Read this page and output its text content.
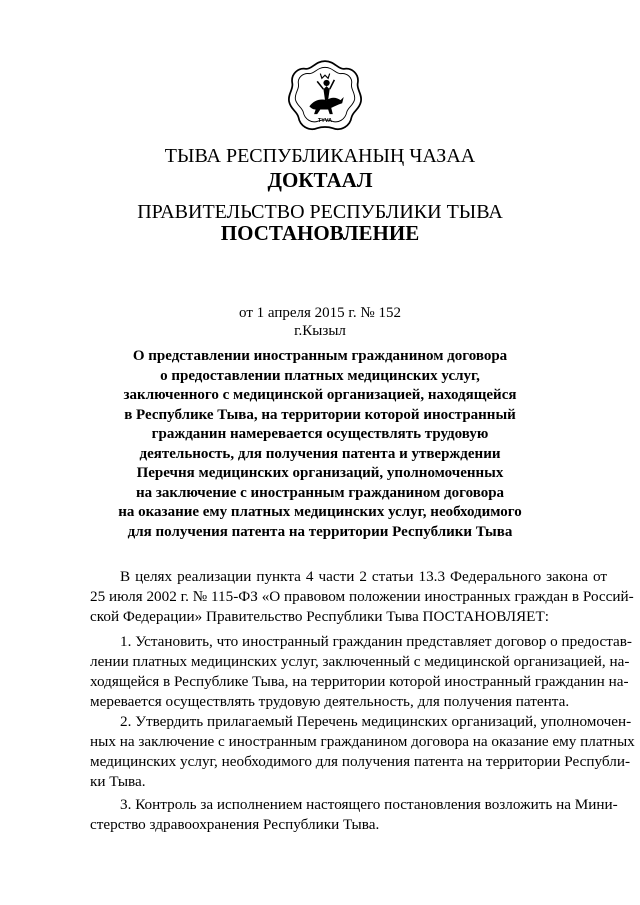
TYVA
ТЫВА РЕСПУБЛИКАНЫҢ ЧАЗАА
ДОКТААЛ
ПРАВИТЕЛЬСТВО РЕСПУБЛИКИ ТЫВА
ПОСТАНОВЛЕНИЕ
от 1 апреля 2015 г. № 152
г.Кызыл
О представлении иностранным гражданином договора
о предоставлении платных медицинских услуг,
заключенного с медицинской организацией, находящейся
в Республике Тыва, на территории которой иностранный
гражданин намеревается осуществлять трудовую
деятельность, для получения патента и утверждении
Перечня медицинских организаций, уполномоченных
на заключение с иностранным гражданином договора
на оказание ему платных медицинских услуг, необходимого
для получения патента на территории Республики Тыва
В целях реализации пункта 4 части 2 статьи 13.3 Федерального закона от
25 июля 2002 г. № 115-ФЗ «О правовом положении иностранных граждан в Россий-
ской Федерации» Правительство Республики Тыва ПОСТАНОВЛЯЕТ:
1. Установить, что иностранный гражданин представляет договор о предостав-
лении платных медицинских услуг, заключенный с медицинской организацией, на-
ходящейся в Республике Тыва, на территории которой иностранный гражданин на-
меревается осуществлять трудовую деятельность, для получения патента.
2. Утвердить прилагаемый Перечень медицинских организаций, уполномочен-
ных на заключение с иностранным гражданином договора на оказание ему платных
медицинских услуг, необходимого для получения патента на территории Республи-
ки Тыва.
3. Контроль за исполнением настоящего постановления возложить на Мини-
стерство здравоохранения Республики Тыва.
